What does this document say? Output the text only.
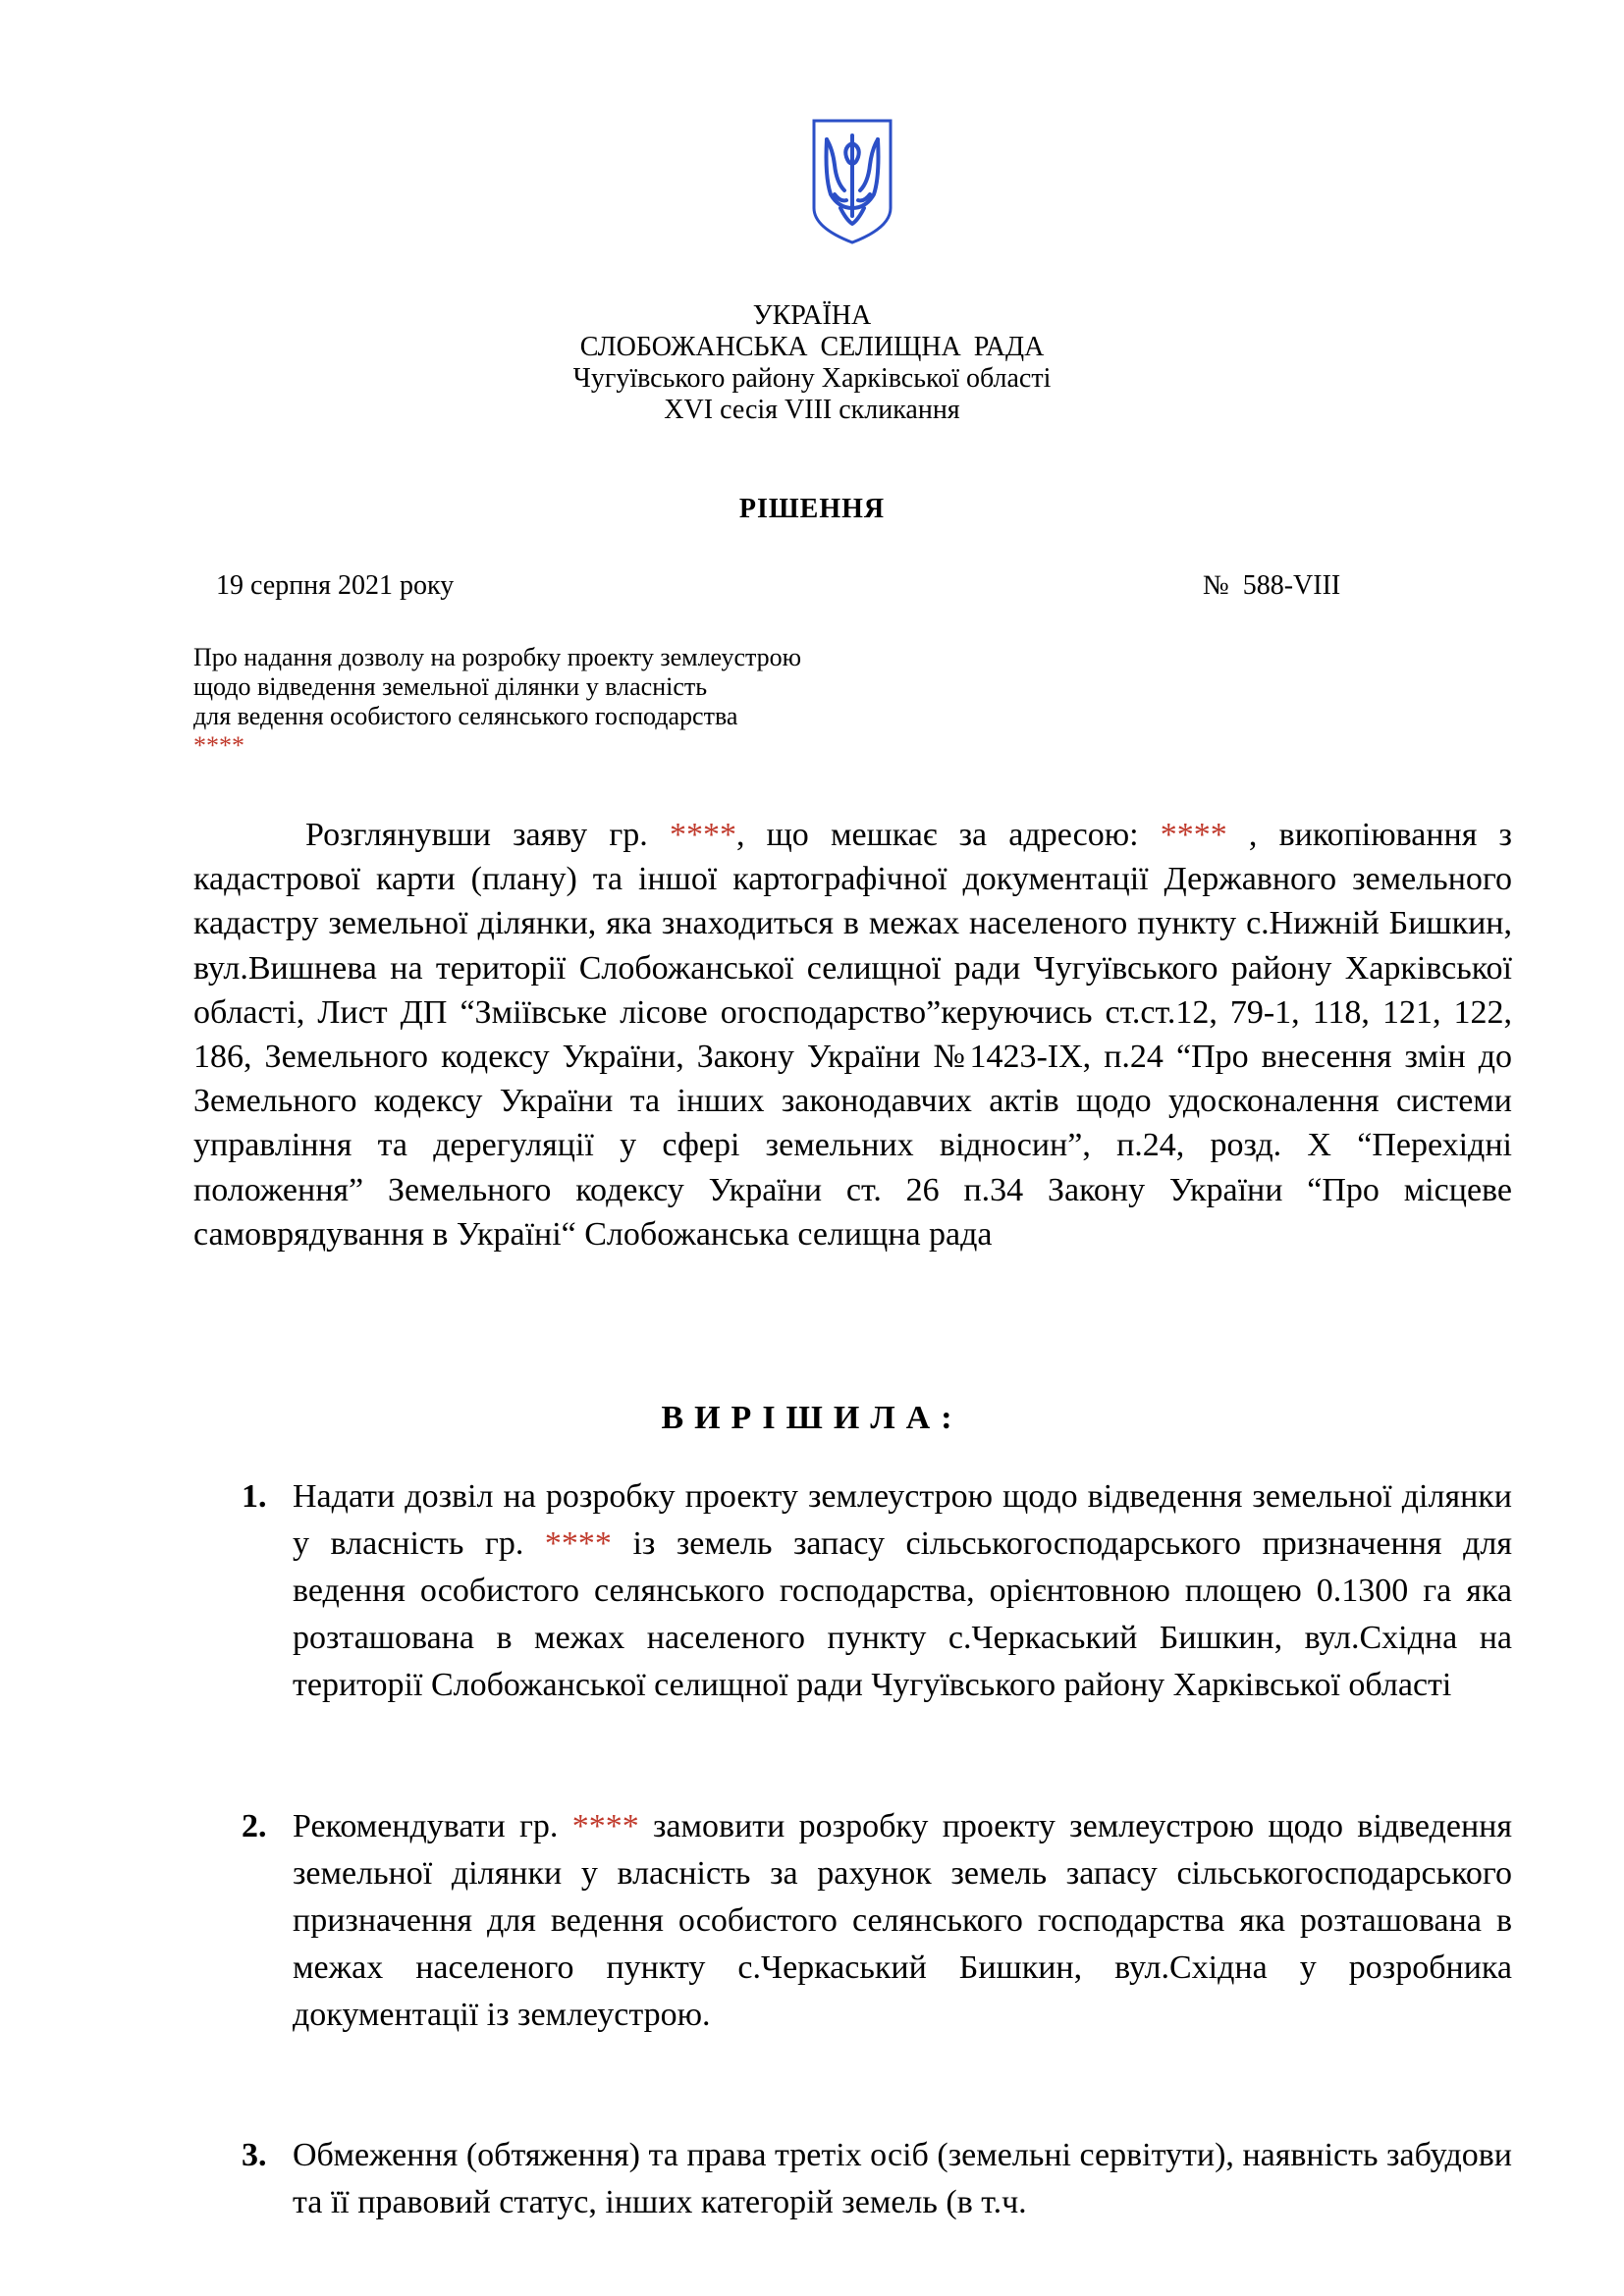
УКРАЇНА
СЛОБОЖАНСЬКА СЕЛИЩНА РАДА
Чугуївського району Харківської області
XVI сесія VIII скликання
РІШЕННЯ
19 серпня 2021 року	№ 588-VIII
Про надання дозволу на розробку проекту землеустрою
щодо відведення земельної ділянки у власність
для ведення особистого селянського господарства
****
Розглянувши заяву гр. ****, що мешкає за адресою: **** , викопіювання з кадастрової карти (плану) та іншої картографічної документації Державного земельного кадастру земельної ділянки, яка знаходиться в межах населеного пункту с.Нижній Бишкин, вул.Вишнева на території Слобожанської селищної ради Чугуївського району Харківської області, Лист ДП “Зміївське лісове огосподарство”керуючись ст.ст.12, 79-1, 118, 121, 122, 186, Земельного кодексу України, Закону України №1423-IX, п.24 “Про внесення змін до Земельного кодексу України та інших законодавчих актів щодо удосконалення системи управління та дерегуляції у сфері земельних відносин”, п.24, розд. X “Перехідні положення” Земельного кодексу України ст. 26 п.34 Закону України “Про місцеве самоврядування в Україні“ Слобожанська селищна рада
ВИРІШИЛА:
1. Надати дозвіл на розробку проекту землеустрою щодо відведення земельної ділянки у власність гр. **** із земель запасу сільськогосподарського призначення для ведення особистого селянського господарства, орієнтовною площею 0.1300 га яка розташована в межах населеного пункту с.Черкаський Бишкин, вул.Східна на території Слобожанської селищної ради Чугуївського району Харківської області
2. Рекомендувати гр. **** замовити розробку проекту землеустрою щодо відведення земельної ділянки у власність за рахунок земель запасу сільськогосподарського призначення для ведення особистого селянського господарства яка розташована в межах населеного пункту с.Черкаський Бишкин, вул.Східна у розробника документації із землеустрою.
3. Обмеження (обтяження) та права третіх осіб (земельні сервітути), наявність забудови та її правовий статус, інших категорій земель (в т.ч.
